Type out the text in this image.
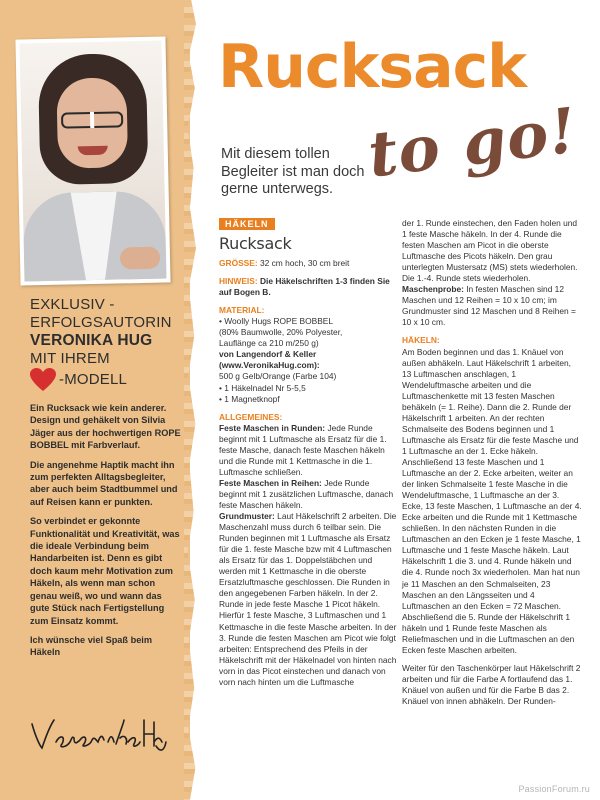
EXKLUSIV -
ERFOLGSAUTORIN
VERONIKA HUG
MIT IHREM
-MODELL

Ein Rucksack wie kein anderer. Design und gehäkelt von Silvia Jäger aus der hochwertigen ROPE BOBBEL mit Farbverlauf.

Die angenehme Haptik macht ihn zum perfekten Alltagsbegleiter, aber auch beim Stadtbummel und auf Reisen kann er punkten.

So verbindet er gekonnte Funktionalität und Kreativität, was die ideale Verbindung beim Handarbeiten ist. Denn es gibt doch kaum mehr Motivation zum Häkeln, als wenn man schon genau weiß, wo und wann das gute Stück nach Fertigstellung zum Einsatz kommt.

Ich wünsche viel Spaß beim Häkeln

Rucksack
to go!
Mit diesem tollen Begleiter ist man doch gerne unterwegs.
HÄKELN
Rucksack

GRÖSSE: 32 cm hoch, 30 cm breit

HINWEIS: Die Häkelschriften 1-3 finden Sie auf Bogen B.

MATERIAL:

• Woolly Hugs ROPE BOBBEL

(80% Baumwolle, 20% Polyester,

Lauflänge ca 210 m/250 g)

von Langendorf & Keller

(www.VeronikaHug.com):

500 g Gelb/Orange (Farbe 104)

• 1 Häkelnadel Nr 5-5,5

• 1 Magnetknopf

ALLGEMEINES:

Feste Maschen in Runden: Jede Runde beginnt mit 1 Luftmasche als Ersatz für die 1. feste Masche, danach feste Maschen häkeln und die Runde mit 1 Kettmasche in die 1. Luftmasche schließen.

Feste Maschen in Reihen: Jede Runde beginnt mit 1 zusätzlichen Luftmasche, danach feste Maschen häkeln.

Grundmuster: Laut Häkelschrift 2 arbeiten. Die Maschenzahl muss durch 6 teilbar sein. Die Runden beginnen mit 1 Luftmasche als Ersatz für die 1. feste Masche bzw mit 4 Luftmaschen als Ersatz für das 1. Doppelstäbchen und werden mit 1 Kettmasche in die oberste Ersatzluftmasche geschlossen. Die Runden in den angegebenen Farben häkeln. In der 2. Runde in jede feste Masche 1 Picot häkeln. Hierfür 1 feste Masche, 3 Luftmaschen und 1 Kettmasche in die feste Masche arbeiten. In der 3. Runde die festen Maschen am Picot wie folgt arbeiten: Entsprechend des Pfeils in der Häkelschrift mit der Häkelnadel von hinten nach vorn in das Picot einstechen und danach von vorn nach hinten um die Luftmasche

der 1. Runde einstechen, den Faden holen und 1 feste Masche häkeln. In der 4. Runde die festen Maschen am Picot in die oberste Luftmasche des Picots häkeln. Den grau unterlegten Mustersatz (MS) stets wiederholen. Die 1.-4. Runde stets wiederholen.

Maschenprobe: In festen Maschen sind 12 Maschen und 12 Reihen = 10 x 10 cm; im Grundmuster sind 12 Maschen und 8 Reihen = 10 x 10 cm.

HÄKELN:

Am Boden beginnen und das 1. Knäuel von außen abhäkeln. Laut Häkelschrift 1 arbeiten, 13 Luftmaschen anschlagen, 1 Wendeluftmasche arbeiten und die Luftmaschenkette mit 13 festen Maschen behäkeln (= 1. Reihe). Dann die 2. Runde der Häkelschrift 1 arbeiten. An der rechten Schmalseite des Bodens beginnen und 1 Luftmasche als Ersatz für die feste Masche und 1 Luftmasche an der 1. Ecke häkeln. Anschließend 13 feste Maschen und 1 Luftmasche an der 2. Ecke arbeiten, weiter an der linken Schmalseite 1 feste Masche in die Wendeluftmasche, 1 Luftmasche an der 3. Ecke, 13 feste Maschen, 1 Luftmasche an der 4. Ecke arbeiten und die Runde mit 1 Kettmasche schließen. In den nächsten Runden in die Luftmaschen an den Ecken je 1 feste Masche, 1 Luftmasche und 1 feste Masche häkeln. Laut Häkelschrift 1 die 3. und 4. Runde häkeln und die 4. Runde noch 3x wiederholen. Man hat nun je 11 Maschen an den Schmalseiten, 23 Maschen an den Längsseiten und 4 Luftmaschen an den Ecken = 72 Maschen. Abschließend die 5. Runde der Häkelschrift 1 häkeln und 1 Runde feste Maschen als Reliefmaschen und in die Luftmaschen an den Ecken feste Maschen arbeiten.

Weiter für den Taschenkörper laut Häkelschrift 2 arbeiten und für die Farbe A fortlaufend das 1. Knäuel von außen und für die Farbe B das 2. Knäuel von innen abhäkeln. Der Runden-

PassionForum.ru
